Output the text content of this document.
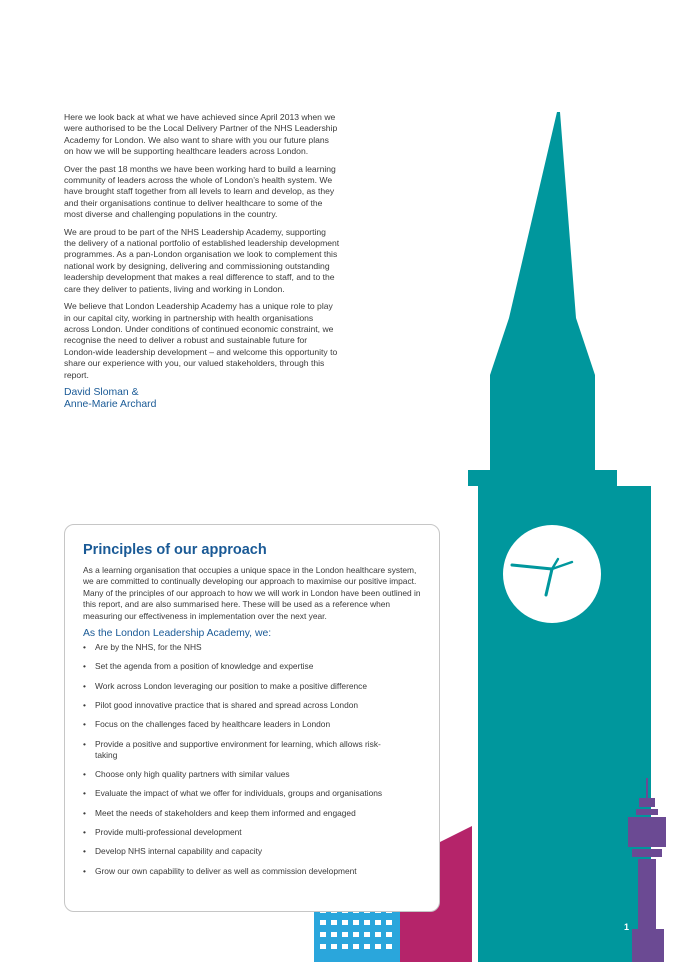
Here we look back at what we have achieved since April 2013 when we were authorised to be the Local Delivery Partner of the NHS Leadership Academy for London. We also want to share with you our future plans on how we will be supporting healthcare leaders across London.

Over the past 18 months we have been working hard to build a learning community of leaders across the whole of London’s health system. We have brought staff together from all levels to learn and develop, as they and their organisations continue to deliver healthcare to some of the most diverse and challenging populations in the country.

We are proud to be part of the NHS Leadership Academy, supporting the delivery of a national portfolio of established leadership development programmes. As a pan-London organisation we look to complement this national work by designing, delivering and commissioning outstanding leadership development that makes a real difference to staff, and to the care they deliver to patients, living and working in London.

We believe that London Leadership Academy has a unique role to play in our capital city, working in partnership with health organisations across London. Under conditions of continued economic constraint, we recognise the need to deliver a robust and sustainable future for London-wide leadership development – and welcome this opportunity to share our experience with you, our valued stakeholders, through this report.

David Sloman &
Anne-Marie Archard
Principles of our approach

As a learning organisation that occupies a unique space in the London healthcare system, we are committed to continually developing our approach to maximise our positive impact. Many of the principles of our approach to how we will work in London have been outlined in this report, and are also summarised here. These will be used as a reference when measuring our effectiveness in implementation over the next year.

As the London Leadership Academy, we:

• Are by the NHS, for the NHS
• Set the agenda from a position of knowledge and expertise
• Work across London leveraging our position to make a positive difference
• Pilot good innovative practice that is shared and spread across London
• Focus on the challenges faced by healthcare leaders in London
• Provide a positive and supportive environment for learning, which allows risk-taking
• Choose only high quality partners with similar values
• Evaluate the impact of what we offer for individuals, groups and organisations
• Meet the needs of stakeholders and keep them informed and engaged
• Provide multi-professional development
• Develop NHS internal capability and capacity
• Grow our own capability to deliver as well as commission development
1
